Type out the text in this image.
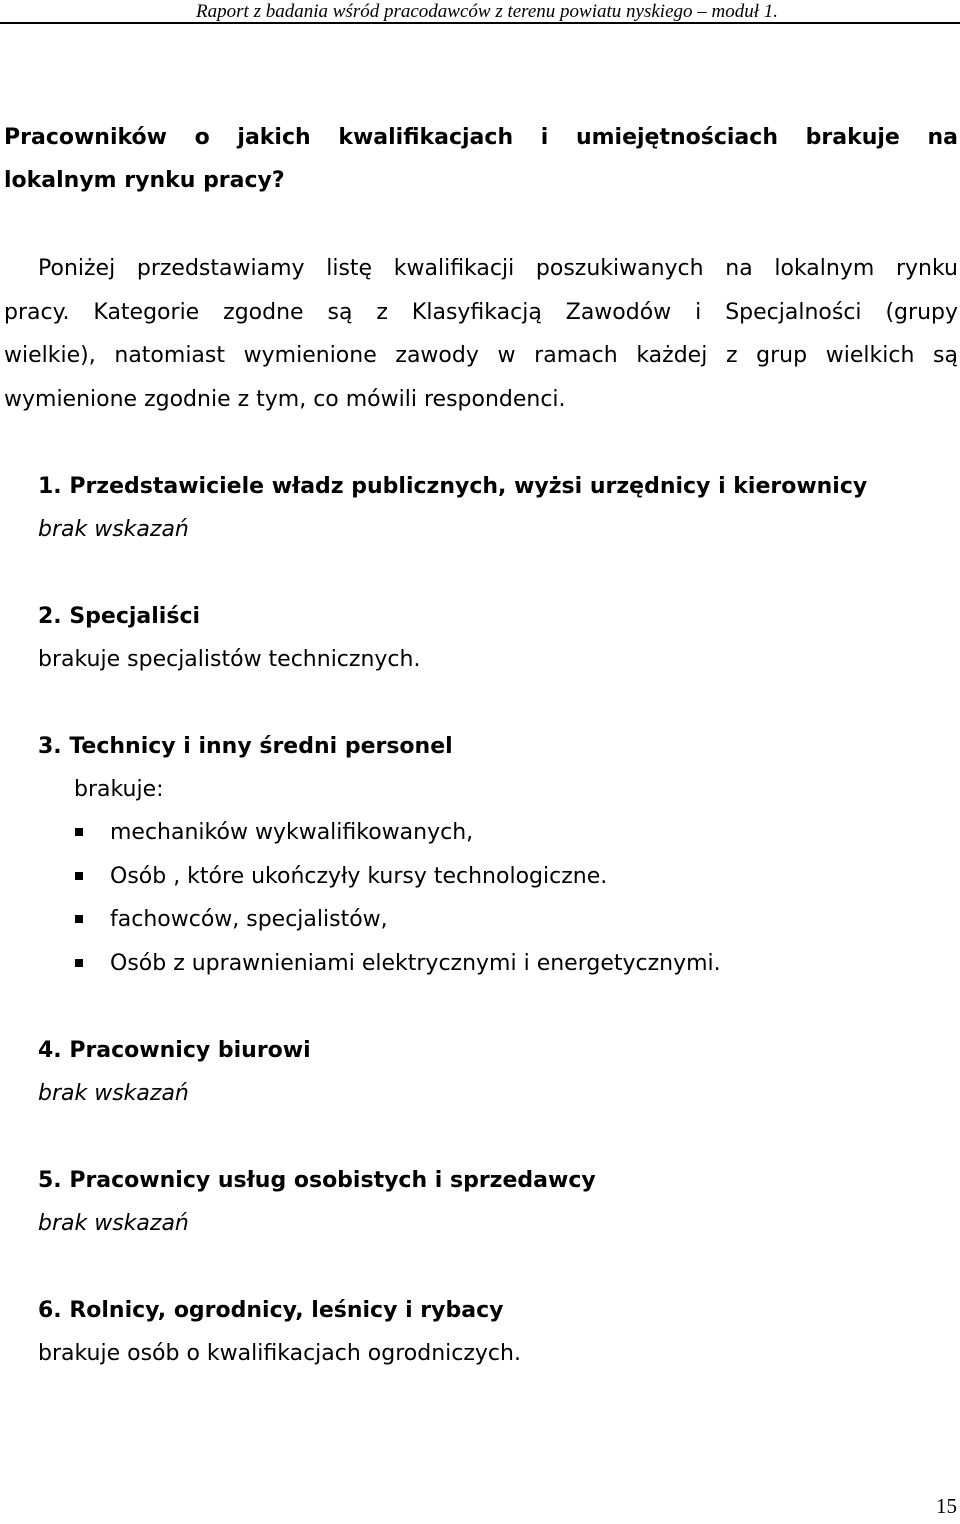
Raport z badania wśród pracodawców z terenu powiatu nyskiego – moduł 1.

Pracowników o jakich kwalifikacjach i umiejętnościach brakuje na
lokalnym rynku pracy?

Poniżej przedstawiamy listę kwalifikacji poszukiwanych na lokalnym rynku
pracy. Kategorie zgodne są z Klasyfikacją Zawodów i Specjalności (grupy
wielkie), natomiast wymienione zawody w ramach każdej z grup wielkich są
wymienione zgodnie z tym, co mówili respondenci.

1. Przedstawiciele władz publicznych, wyżsi urzędnicy i kierownicy

brak wskazań

2. Specjaliści

brakuje specjalistów technicznych.

3. Technicy i inny średni personel

brakuje:

mechaników wykwalifikowanych,
Osób , które ukończyły kursy technologiczne.
fachowców, specjalistów,
Osób z uprawnieniami elektrycznymi i energetycznymi.

4. Pracownicy biurowi

brak wskazań

5. Pracownicy usług osobistych i sprzedawcy

brak wskazań

6. Rolnicy, ogrodnicy, leśnicy i rybacy

brakuje osób o kwalifikacjach ogrodniczych.

15
